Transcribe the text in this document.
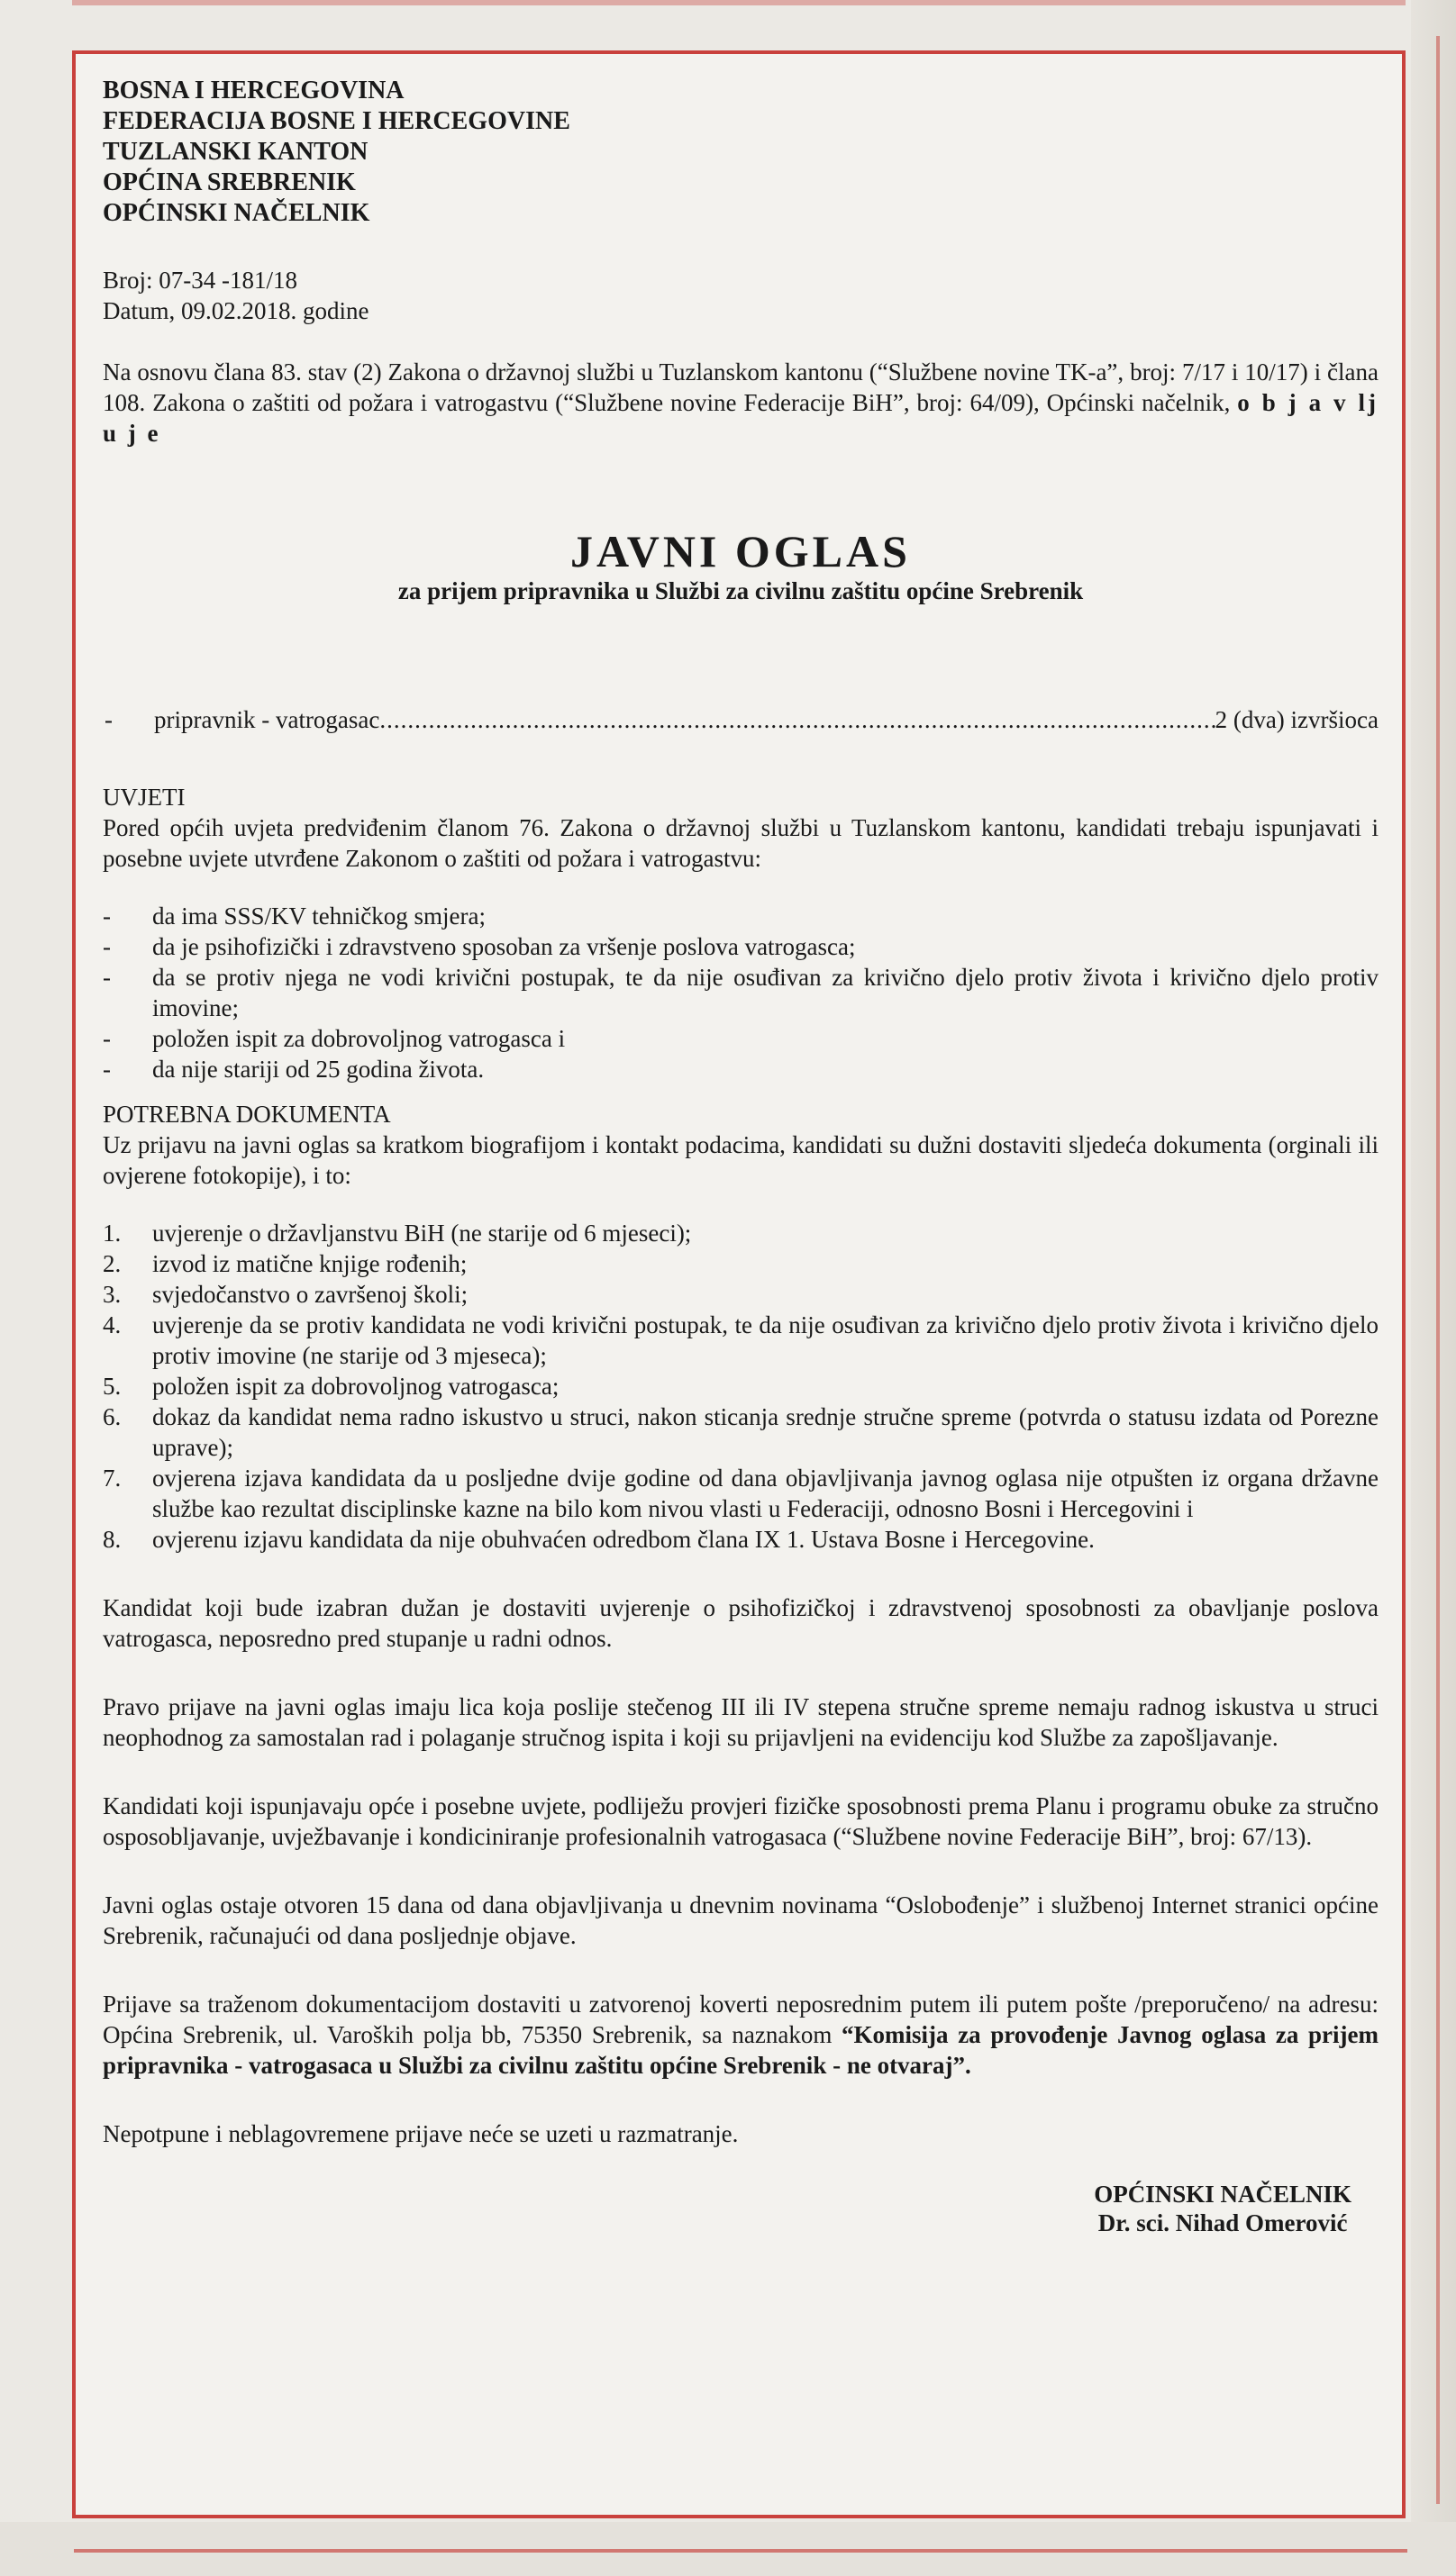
BOSNA I HERCEGOVINA
FEDERACIJA BOSNE I HERCEGOVINE
TUZLANSKI KANTON
OPĆINA SREBRENIK
OPĆINSKI NAČELNIK
Broj: 07-34 -181/18
Datum, 09.02.2018. godine

Na osnovu člana 83. stav (2) Zakona o državnoj službi u Tuzlanskom kantonu (“Službene novine TK-a”, broj: 7/17 i 10/17) i člana 108. Zakona o zaštiti od požara i vatrogastvu (“Službene novine Federacije BiH”, broj: 64/09), Općinski načelnik, o b j a v lj u j e

JAVNI OGLAS
za prijem pripravnika u Službi za civilnu zaštitu općine Srebrenik
-	pripravnik - vatrogasac
.....	2 (dva) izvršioca
UVJETI

Pored općih uvjeta predviđenim članom 76. Zakona o državnoj službi u Tuzlanskom kantonu, kandidati trebaju ispunjavati i posebne uvjete utvrđene Zakonom o zaštiti od požara i vatrogastvu:

- da ima SSS/KV tehničkog smjera;
- da je psihofizički i zdravstveno sposoban za vršenje poslova vatrogasca;
- da se protiv njega ne vodi krivični postupak, te da nije osuđivan za krivično djelo protiv života i krivično djelo protiv imovine;
- položen ispit za dobrovoljnog vatrogasca i
- da nije stariji od 25 godina života.
POTREBNA DOKUMENTA

Uz prijavu na javni oglas sa kratkom biografijom i kontakt podacima, kandidati su dužni dostaviti sljedeća dokumenta (orginali ili ovjerene fotokopije), i to:

1. uvjerenje o državljanstvu BiH (ne starije od 6 mjeseci);
2. izvod iz matične knjige rođenih;
3. svjedočanstvo o završenoj školi;
4. uvjerenje da se protiv kandidata ne vodi krivični postupak, te da nije osuđivan za krivično djelo protiv života i krivično djelo protiv imovine (ne starije od 3 mjeseca);
5. položen ispit za dobrovoljnog vatrogasca;
6. dokaz da kandidat nema radno iskustvo u struci, nakon sticanja srednje stručne spreme (potvrda o statusu izdata od Porezne uprave);
7. ovjerena izjava kandidata da u posljedne dvije godine od dana objavljivanja javnog oglasa nije otpušten iz organa državne službe kao rezultat disciplinske kazne na bilo kom nivou vlasti u Federaciji, odnosno Bosni i Hercegovini i
8. ovjerenu izjavu kandidata da nije obuhvaćen odredbom člana IX 1. Ustava Bosne i Hercegovine.

Kandidat koji bude izabran dužan je dostaviti uvjerenje o psihofizičkoj i zdravstvenoj sposobnosti za obavljanje poslova vatrogasca, neposredno pred stupanje u radni odnos.

Pravo prijave na javni oglas imaju lica koja poslije stečenog III ili IV stepena stručne spreme nemaju radnog iskustva u struci neophodnog za samostalan rad i polaganje stručnog ispita i koji su prijavljeni na evidenciju kod Službe za zapošljavanje.

Kandidati koji ispunjavaju opće i posebne uvjete, podliježu provjeri fizičke sposobnosti prema Planu i programu obuke za stručno osposobljavanje, uvježbavanje i kondiciniranje profesionalnih vatrogasaca (“Službene novine Federacije BiH”, broj: 67/13).

Javni oglas ostaje otvoren 15 dana od dana objavljivanja u dnevnim novinama “Oslobođenje” i službenoj Internet stranici općine Srebrenik, računajući od dana posljednje objave.

Prijave sa traženom dokumentacijom dostaviti u zatvorenoj koverti neposrednim putem ili putem pošte /preporučeno/ na adresu: Općina Srebrenik, ul. Varoških polja bb, 75350 Srebrenik, sa naznakom “Komisija za provođenje Javnog oglasa za prijem pripravnika - vatrogasaca u Službi za civilnu zaštitu općine Srebrenik - ne otvaraj”.

Nepotpune i neblagovremene prijave neće se uzeti u razmatranje.

OPĆINSKI NAČELNIK
Dr. sci. Nihad Omerović
